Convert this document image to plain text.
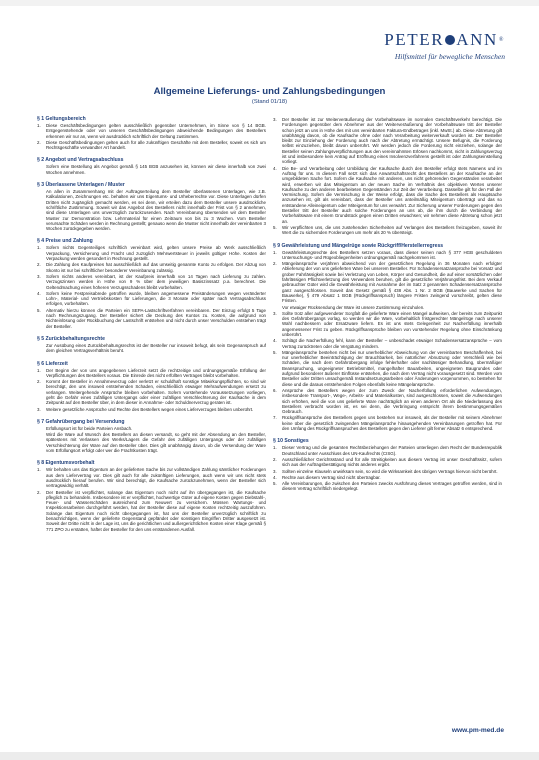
PETER ANN ®
Hilfsmittel für bewegliche Menschen
Allgemeine Lieferungs- und Zahlungsbedingungen
(Stand 01/18)
§ 1 Geltungsbereich
1.	Diese Geschäftsbedingungen gelten ausschließlich gegenüber Unternehmen, im Sinne von § 14 BGB. Entgegenstehende oder von unseren Geschäftsbedingungen abweichende Bedingungen des Bestellers erkennen wir nur an, wenn wir ausdrücklich schriftlich der Geltung zustimmen.
2.	Diese Geschäftsbedingungen gelten auch für alle zukünftigen Geschäfte mit dem Besteller, soweit es sich um Rechtsgeschäfte verwandter Art handelt.
§ 2 Angebot und Vertragsabschluss
Sofern eine Bestellung als Angebot gemäß § 145 BGB anzusehen ist, können wir diese innerhalb von zwei Wochen annehmen.
§ 3 Überlassene Unterlagen / Muster
An allen in Zusammenhang mit der Auftragserteilung dem Besteller überlassenen Unterlagen, wie z.B. Kalkulationen, Zeichnungen etc. behalten wir uns Eigentums- und Urheberrechte vor. Diese Unterlagen dürfen Dritten nicht zugänglich gemacht werden, es sei denn, wir erteilen dazu dem Besteller unsere ausdrückliche schriftliche Zustimmung. Soweit wir das Angebot des Bestellers nicht innerhalb der Frist von § 2 annehmen, sind diese Unterlagen uns unverzüglich zurückzusenden. Nach Vereinbarung übersenden wir dem Besteller Muster zur Demonstration bzw. Lehrmaterial für einen Zeitraum von bis zu 3 Wochen. Vom Besteller verursachte Schäden werden in Rechnung gestellt; genauso wenn die Muster nicht innerhalb der vereinbarten 3 Wochen zurückgegeben werden.
§ 4 Preise und Zahlung
1.	Sofern nichts Gegenteiliges schriftlich vereinbart wird, gelten unsere Preise ab Werk ausschließlich Verpackung, Versicherung und Fracht und zuzüglich Mehrwertsteuer in jeweils gültiger Höhe. Kosten der Verpackung werden gesondert in Rechnung gestellt.
2.	Die Zahlung des Kaufpreises hat ausschließlich auf das umseitig genannte Konto zu erfolgen. Der Abzug von Skonto ist nur bei schriftlicher besonderer Vereinbarung zulässig.
3.	Sofern nichts anderes vereinbart, ist der Kaufpreis innerhalb von 14 Tagen nach Lieferung zu zahlen. Verzugszinsen werden in Höhe von 9 % über dem jeweiligen Basiszinssatz p.a. berechnet. Die Geltendmachung eines höheren Verzugsschadens bleibt vorbehalten.
4.	Sofern keine Festpreisabrede getroffen wurde, bleiben angemessene Preisänderungen wegen veränderter Lohn-, Material- und Vertriebskosten für Lieferungen, die 3 Monate oder später nach Vertragsabschluss erfolgen, vorbehalten.
5.	Alternativ hierzu können die Parteien ein SEPA-Lastschriftverfahren vereinbaren. Der Einzug erfolgt 5 Tage nach Rechnungszugang. Der Besteller sichert die Deckung des Kontos zu. Kosten, die aufgrund von Nichteinlösung oder Rückbuchung der Lastschrift entstehen und nicht durch unser Verschulden entstehen trägt der Besteller.
§ 5 Zurückbehaltungsrechte
Zur Ausübung eines Zurückbehaltungsrechts ist der Besteller nur insoweit befugt, als sein Gegenanspruch auf dem gleichen Vertragsverhältnis beruht.
§ 6 Lieferzeit
1.	Der Beginn der von uns angegebenen Lieferzeit setzt die rechtzeitige und ordnungsgemäße Erfüllung der Verpflichtungen des Bestellers voraus. Die Einrede des nicht erfüllten Vertrages bleibt vorbehalten.
2.	Kommt der Besteller in Annahmeverzug oder verletzt er schuldhaft sonstige Mitwirkungspflichten, so sind wir berechtigt, den uns insoweit entstehenden Schaden, einschließlich etwaiger Mehraufwendungen ersetzt zu verlangen. Weitergehende Ansprüche bleiben vorbehalten. Sofern vorstehende Voraussetzungen vorliegen, geht die Gefahr eines zufälligen Untergangs oder einer zufälligen Verschlechterung der Kaufsache in dem Zeitpunkt auf den Besteller über, in dem dieser in Annahme- oder Schuldnerverzug geraten ist.
3.	Weitere gesetzliche Ansprüche und Rechte des Bestellers wegen eines Lieferverzuges bleiben unberührt.
§ 7 Gefahrübergang bei Versendung
Erfüllungsort ist für beide Parteien Ansbach.
Wird die Ware auf Wunsch des Bestellers an diesen versandt, so geht mit der Absendung an den Besteller, spätestens mit Verlassen des Werks/Lagers die Gefahr des zufälligen Untergangs oder der zufälligen Verschlechterung der Ware auf den Besteller über. Dies gilt unabhängig davon, ob die Versendung der Ware vom Erfüllungsort erfolgt oder wer die Frachtkosten trägt.
§ 8 Eigentumsvorbehalt
1.	Wir behalten uns das Eigentum an der gelieferten Sache bis zur vollständigen Zahlung sämtlicher Forderungen aus dem Liefervertrag vor. Dies gilt auch für alle zukünftigen Lieferungen, auch wenn wir uns nicht stets ausdrücklich hierauf berufen. Wir sind berechtigt, die Kaufsache zurückzunehmen, wenn der Besteller sich vertragswidrig verhält.
2.	Der Besteller ist verpflichtet, solange das Eigentum noch nicht auf ihn übergegangen ist, die Kaufsache pfleglich zu behandeln. Insbesondere ist er verpflichtet, hochwertige Güter auf eigene Kosten gegen Diebstahl-, Feuer- und Wasserschäden ausreichend zum Neuwert zu versichern. Müssen Wartungs- und Inspektionsarbeiten durchgeführt werden, hat der Besteller diese auf eigene Kosten rechtzeitig auszuführen. Solange das Eigentum noch nicht übergegangen ist, hat uns der Besteller unverzüglich schriftlich zu benachrichtigen, wenn der gelieferte Gegenstand gepfändet oder sonstigen Eingriffen Dritter ausgesetzt ist. Soweit der Dritte nicht in der Lage ist, uns die gerichtlichen und außergerichtlichen Kosten einer Klage gemäß § 771 ZPO zu erstatten, haftet der Besteller für den uns entstandenen Ausfall.
3.	Der Besteller ist zur Weiterveräußerung der Vorbehaltsware im normalen Geschäftsverkehr berechtigt. Die Forderungen gegenüber dem Abnehmer aus der Weiterveräußerung der Vorbehaltsware tritt der Besteller schon jetzt an uns in Höhe des mit uns vereinbarten Faktura-Endbetrages (inkl. MwSt.) ab. Diese Abtretung gilt unabhängig davon, ob die Kaufsache ohne oder nach Verarbeitung weiterverkauft worden ist. Der Besteller bleibt zur Einziehung der Forderung auch nach der Abtretung ermächtigt. Unsere Befugnis, die Forderung selbst einzuziehen, bleibt davon unberührt. Wir werden jedoch die Forderung nicht einziehen, solange der Besteller seinen Zahlungsverpflichtungen aus den vereinnahmten Erlösen nachkommt, nicht in Zahlungsverzug ist und insbesondere kein Antrag auf Eröffnung eines Insolvenzverfahrens gestellt ist oder Zahlungseinstellung vorliegt.
4.	Die Be- und Verarbeitung oder Umbildung der Kaufsache durch den Besteller erfolgt stets Namens und im Auftrag für uns. In diesem Fall setzt sich das Anwartschaftsrecht des Bestellers an der Kaufsache an der umgebildeten Sache fort. Sofern die Kaufsache mit anderen, uns nicht gehörenden Gegenständen verarbeitet wird, erwerben wir das Miteigentum an der neuen Sache im Verhältnis des objektiven Wertes unserer Kaufsache zu den anderen bearbeiteten Gegenständen zur Zeit der Verarbeitung. Dasselbe gilt für den Fall der Vermischung. Sofern die Vermischung in der Weise erfolgt, dass die Sache des Bestellers als Hauptsache anzusehen ist, gilt als vereinbart, dass der Besteller uns anteilmäßig Miteigentum überträgt und das so entstandene Alleineigentum oder Miteigentum für uns verwahrt. Zur Sicherung unserer Forderungen gegen den Besteller tritt der Besteller auch solche Forderungen an uns ab, die ihm durch die Verbindung der Vorbehaltsware mit einem Grundstück gegen einen Dritten erwachsen; wir nehmen diese Abtretung schon jetzt an.
5.	Wir verpflichten uns, die uns zustehenden Sicherheiten auf Verlangen des Bestellers freizugeben, soweit ihr Wert die zu sichernden Forderungen um mehr als 20 % übersteigt.
§ 9 Gewährleistung und Mängelrüge sowie Rückgriff/Herstellerregress
1.	Gewährleistungsrechte des Bestellers setzen voraus, dass dieser seinen nach § 377 HGB geschuldeten Untersuchungs- und Rügeobliegenheiten ordnungsgemäß nachgekommen ist.
2.	Mängelansprüche verjähren abweichend von der gesetzlichen Regelung in 36 Monaten nach erfolgter Ablieferung der von uns gelieferten Ware bei unserem Besteller. Für Schadensersatzansprüche bei Vorsatz und grober Fahrlässigkeit sowie bei Verletzung von Leben, Körper und Gesundheit, die auf einer vorsätzlichen oder fahrlässigen Pflichtverletzung des Verwenders beruhen, gilt die gesetzliche Verjährungsfrist. Bei dem Verkauf gebrauchter Güter wird die Gewährleistung mit Ausnahme der im Satz 2 genannten Schadensersatzansprüche ganz ausgeschlossen. Soweit das Gesetz gemäß § 438 Abs. 1 Nr. 2 BGB (Bauwerke und Sachen für Bauwerke), § 479 Absatz 1 BGB (Rückgriffsanspruch) längere Fristen zwingend vorschreibt, gelten diese Fristen.
Vor etwaiger Rücksendung der Ware ist unsere Zustimmung einzuholen.
3.	Sollte trotz aller aufgewendeter Sorgfalt die gelieferte Ware einen Mangel aufweisen, der bereits zum Zeitpunkt des Gefahrübergangs vorlag, so werden wir die Ware, vorbehaltlich fristgerechter Mängelrüge nach unserer Wahl nachbessern oder Ersatzware liefern. Es ist uns stets Gelegenheit zur Nacherfüllung innerhalb angemessener Frist zu geben. Rückgriffsansprüche bleiben von vorstehender Regelung ohne Einschränkung unberührt.
4.	Schlägt die Nacherfüllung fehl, kann der Besteller – unbeschadet etwaiger Schadensersatzansprüche – vom Vertrag zurücktreten oder die Vergütung mindern.
5.	Mängelansprüche bestehen nicht bei nur unerheblicher Abweichung von der vereinbarten Beschaffenheit, bei nur unerheblicher Beeinträchtigung der Brauchbarkeit, bei natürlicher Abnutzung oder Verschleiß wie bei Schäden, die nach dem Gefahrübergang infolge fehlerhafter oder nachlässiger Behandlung, übermäßiger Beanspruchung, ungeeigneter Betriebsmittel, mangelhafter Bauarbeiten, ungeeigneten Baugrundes oder aufgrund besonderer äußerer Einflüsse entstehen, die nach dem Vertrag nicht vorausgesetzt sind. Werden vom Besteller oder Dritten unsachgemäß Instandsetzungsarbeiten oder Änderungen vorgenommen, so bestehen für diese und die daraus entstehenden Folgen ebenfalls keine Mängelansprüche.
6.	Ansprüche des Bestellers wegen der zum Zweck der Nacherfüllung erforderlichen Aufwendungen, insbesondere Transport-, Wege-, Arbeits- und Materialkosten, sind ausgeschlossen, soweit die Aufwendungen sich erhöhen, weil die von uns gelieferte Ware nachträglich an einen anderen Ort als die Niederlassung des Bestellers verbracht worden ist, es sei denn, die Verbringung entspricht ihrem bestimmungsgemäßen Gebrauch.
7.	Rückgriffsansprüche des Bestellers gegen uns bestehen nur insoweit, als der Besteller mit seinem Abnehmer keine über die gesetzlich zwingenden Mängelansprüche hinausgehenden Vereinbarungen getroffen hat. Für den Umfang des Rückgriffsanspruches des Bestellers gegen den Lieferer gilt ferner Absatz 6 entsprechend.
§ 10 Sonstiges
1.	Dieser Vertrag und die gesamten Rechtsbeziehungen der Parteien unterliegen dem Recht der Bundesrepublik Deutschland unter Ausschluss des UN-Kaufrechts (CISG).
2.	Ausschließlicher Gerichtsstand und für alle Streitigkeiten aus diesem Vertrag ist unser Geschäftssitz, sofern sich aus der Auftragsbestätigung nichts anderes ergibt.
3.	Sollten einzelne Klauseln unwirksam sein, so wird die Wirksamkeit des übrigen Vertrags hiervon nicht berührt.
4.	Rechte aus diesem Vertrag sind nicht übertragbar.
5.	Alle Vereinbarungen, die zwischen den Parteien zwecks Ausführung dieses Vertrages getroffen werden, sind in diesem Vertrag schriftlich niedergelegt.
www.pm-med.de
